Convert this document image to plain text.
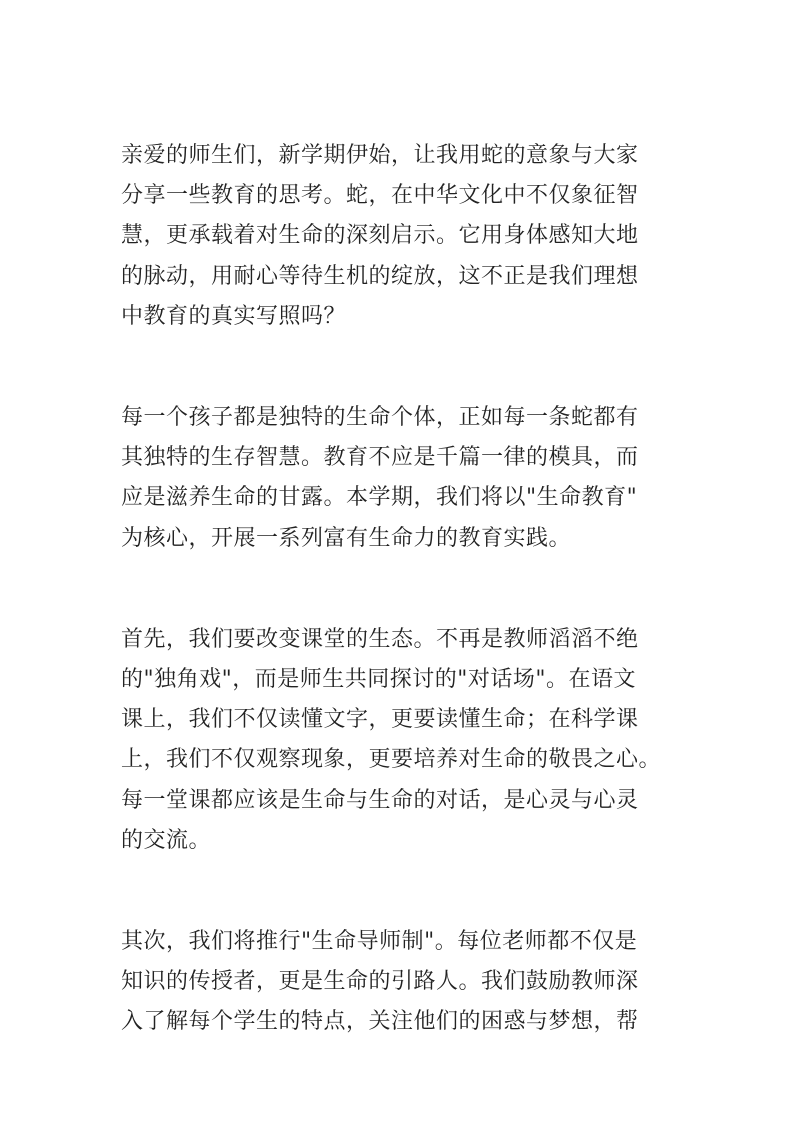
亲爱的师生们，新学期伊始，让我用蛇的意象与大家
分享一些教育的思考。蛇，在中华文化中不仅象征智
慧，更承载着对生命的深刻启示。它用身体感知大地
的脉动，用耐心等待生机的绽放，这不正是我们理想
中教育的真实写照吗？

每一个孩子都是独特的生命个体，正如每一条蛇都有
其独特的生存智慧。教育不应是千篇一律的模具，而
应是滋养生命的甘露。本学期，我们将以"生命教育"
为核心，开展一系列富有生命力的教育实践。

首先，我们要改变课堂的生态。不再是教师滔滔不绝
的"独角戏"，而是师生共同探讨的"对话场"。在语文
课上，我们不仅读懂文字，更要读懂生命；在科学课
上，我们不仅观察现象，更要培养对生命的敬畏之心。
每一堂课都应该是生命与生命的对话，是心灵与心灵
的交流。

其次，我们将推行"生命导师制"。每位老师都不仅是
知识的传授者，更是生命的引路人。我们鼓励教师深
入了解每个学生的特点，关注他们的困惑与梦想，帮
